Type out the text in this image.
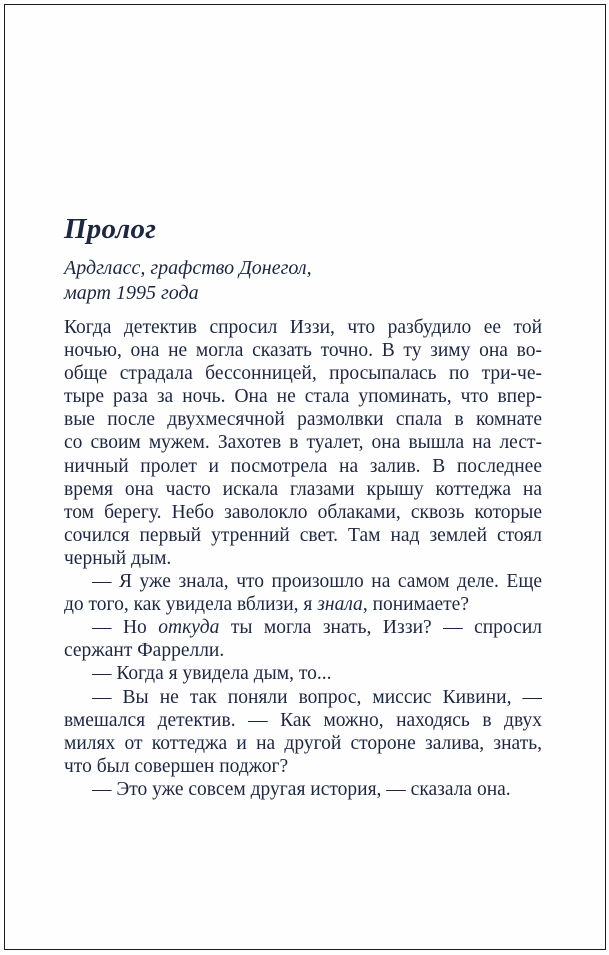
Пролог
Ардгласс, графство Донегол,
март 1995 года
Когда детектив спросил Иззи, что разбудило ее той
ночью, она не могла сказать точно. В ту зиму она во-
обще страдала бессонницей, просыпалась по три-че-
тыре раза за ночь. Она не стала упоминать, что впер-
вые после двухмесячной размолвки спала в комнате
со своим мужем. Захотев в туалет, она вышла на лест-
ничный пролет и посмотрела на залив. В последнее
время она часто искала глазами крышу коттеджа на
том берегу. Небо заволокло облаками, сквозь которые
сочился первый утренний свет. Там над землей стоял
черный дым.
— Я уже знала, что произошло на самом деле. Еще
до того, как увидела вблизи, я знала, понимаете?
— Но откуда ты могла знать, Иззи? — спросил
сержант Фаррелли.
— Когда я увидела дым, то...
— Вы не так поняли вопрос, миссис Кивини, —
вмешался детектив. — Как можно, находясь в двух
милях от коттеджа и на другой стороне залива, знать,
что был совершен поджог?
— Это уже совсем другая история, — сказала она.
